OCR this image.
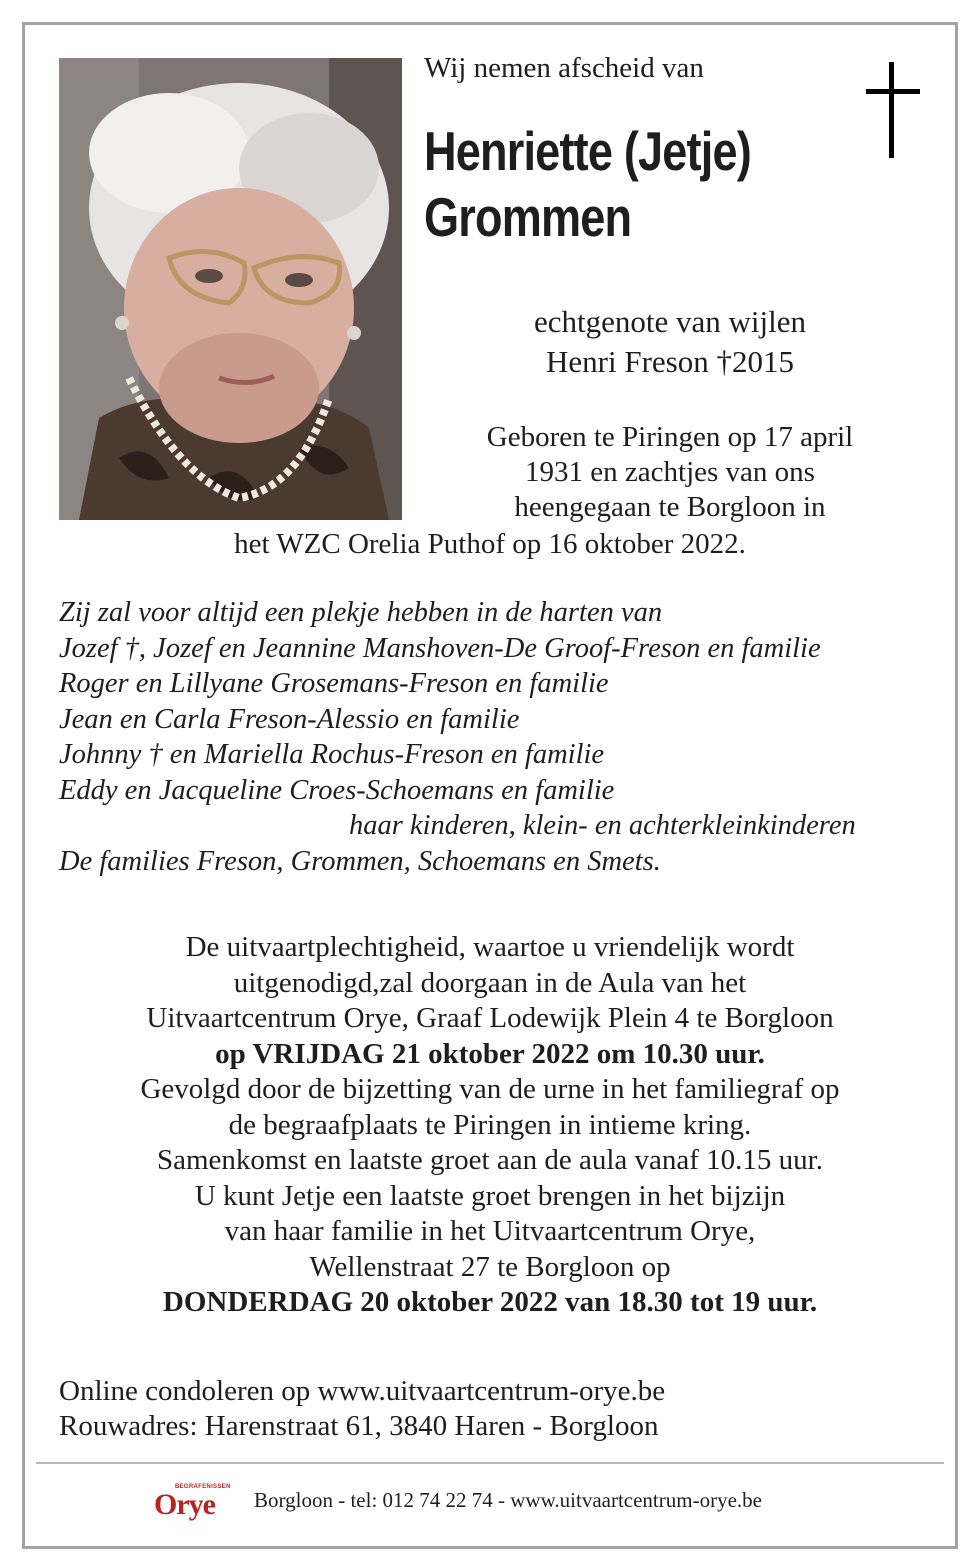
Wij nemen afscheid van
Henriette (Jetje)
Grommen
echtgenote van wijlen
Henri Freson †2015
Geboren te Piringen op 17 april
1931 en zachtjes van ons
heengegaan te Borgloon in
het WZC Orelia Puthof op 16 oktober 2022.
Zij zal voor altijd een plekje hebben in de harten van
Jozef †, Jozef en Jeannine Manshoven-De Groof-Freson en familie
Roger en Lillyane Grosemans-Freson en familie
Jean en Carla Freson-Alessio en familie
Johnny † en Mariella Rochus-Freson en familie
Eddy en Jacqueline Croes-Schoemans en familie
haar kinderen, klein- en achterkleinkinderen
De families Freson, Grommen, Schoemans en Smets.
De uitvaartplechtigheid, waartoe u vriendelijk wordt
uitgenodigd,zal doorgaan in de Aula van het
Uitvaartcentrum Orye, Graaf Lodewijk Plein 4 te Borgloon
op VRIJDAG 21 oktober 2022 om 10.30 uur.
Gevolgd door de bijzetting van de urne in het familiegraf op
de begraafplaats te Piringen in intieme kring.
Samenkomst en laatste groet aan de aula vanaf 10.15 uur.
U kunt Jetje een laatste groet brengen in het bijzijn
van haar familie in het Uitvaartcentrum Orye,
Wellenstraat 27 te Borgloon op
DONDERDAG 20 oktober 2022 van 18.30 tot 19 uur.
Online condoleren op www.uitvaartcentrum-orye.be
Rouwadres: Harenstraat 61, 3840 Haren - Borgloon
BEGRAFENISSEN
Orye Borgloon - tel: 012 74 22 74 - www.uitvaartcentrum-orye.be
